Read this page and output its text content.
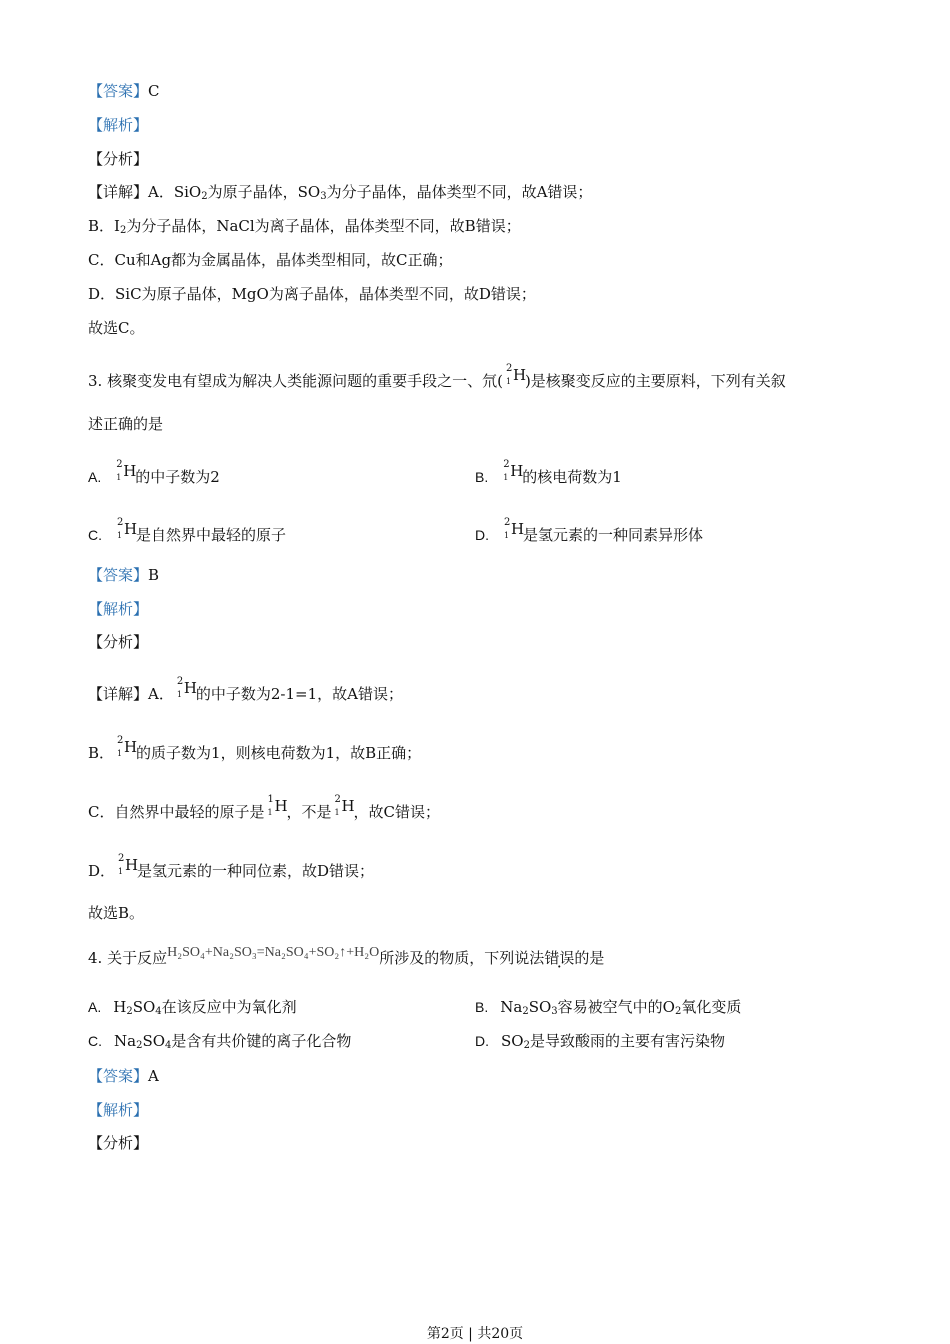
【答案】C
【解析】
【分析】
【详解】A．SiO$_2$为原子晶体，$SO_3$为分子晶体，晶体类型不同，故A错误；
B．$I_2$为分子晶体，NaCl为离子晶体，晶体类型不同，故B错误；
C．Cu和Ag都为金属晶体，晶体类型相同，故C正确；
D．SiC为原子晶体，MgO为离子晶体，晶体类型不同，故D错误；
故选C。
3. 核聚变发电有望成为解决人类能源问题的重要手段之一、氘(
2
1 H
)是核聚变反应的主要原料，下列有关叙
述正确的是
A.
2
1 H
的中子数为2	B.
2
1 H
的核电荷数为1
C.
2
1 H
是自然界中最轻的原子	D.
2
1 H
是氢元素的一种同素异形体
【答案】B
【解析】
【分析】
【详解】A．
2
1 H
的中子数为2-1=1，故A错误；
B．
2
1 H
的质子数为1，则核电荷数为1，故B正确；
C．自然界中最轻的原子是
1
1 H
，不是
2
1 H
，故C错误；
D．
2
1 H
是氢元素的一种同位素，故D错误；
故选B。
4. 关于反应H₂SO₄+Na₂SO₃=Na₂SO₄+SO₂↑+H₂O所涉及的物质，下列说法错误的是
A. $H_2SO_4$在该反应中为氧化剂	B. $Na_2SO_3$容易被空气中的$O_2$氧化变质
C. $Na_2SO_4$是含有共价键的离子化合物	D. $SO_2$是导致酸雨的主要有害污染物
【答案】A
【解析】
【分析】
第2页 | 共20页
